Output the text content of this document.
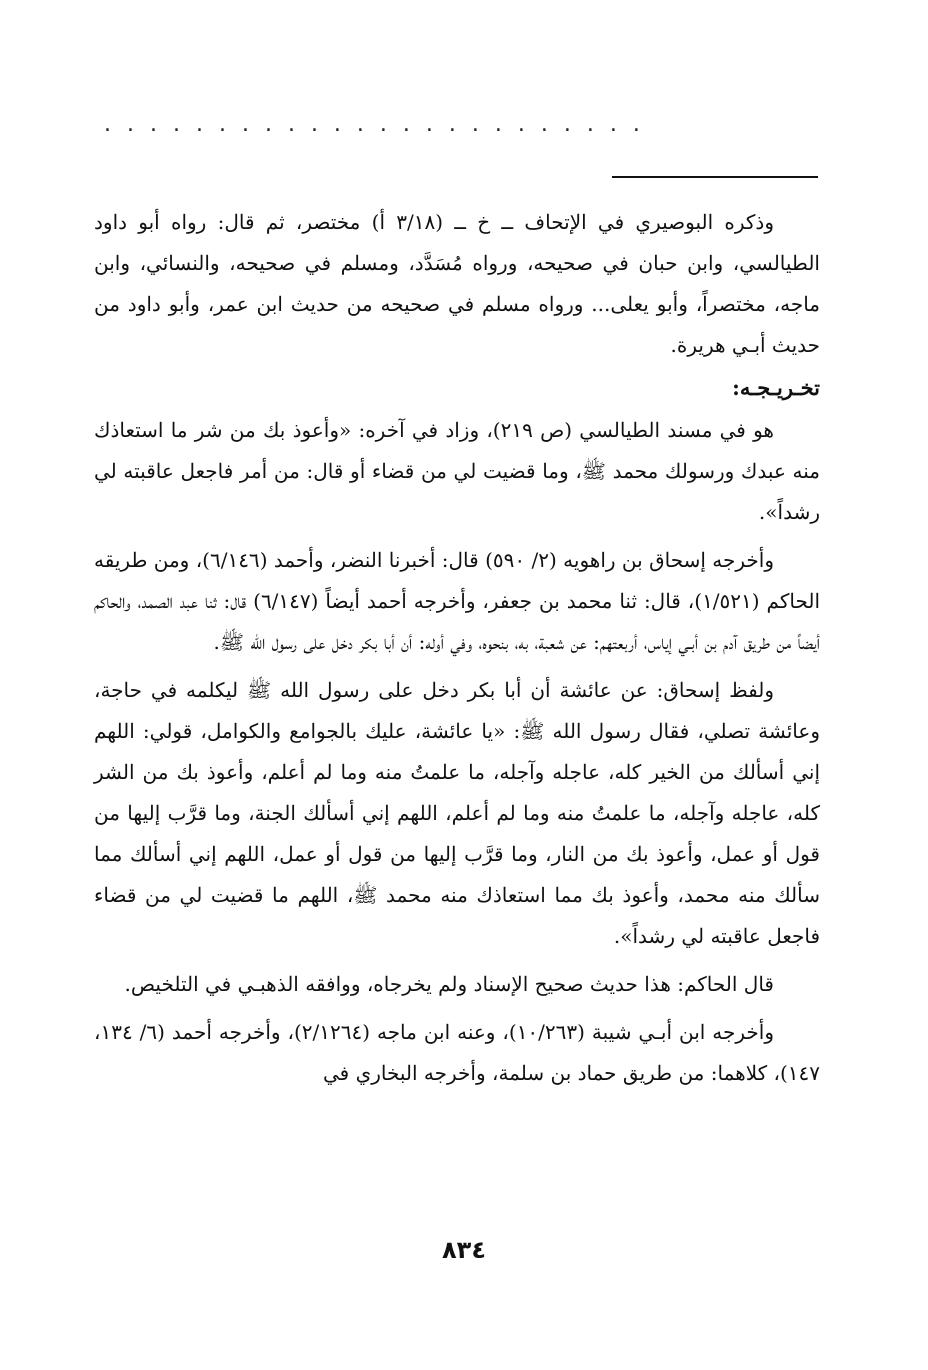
........................

وذكره البوصيري في الإتحاف ــ خ ــ (٣/١٨ أ) مختصر، ثم قال: رواه أبو داود الطيالسي، وابن حبان في صحيحه، ورواه مُسَدَّد، ومسلم في صحيحه، والنسائي، وابن ماجه، مختصراً، وأبو يعلى... ورواه مسلم في صحيحه من حديث ابن عمر، وأبو داود من حديث أبـي هريرة.

تخـريـجـه:

هو في مسند الطيالسي (ص ٢١٩)، وزاد في آخره: «وأعوذ بك من شر ما استعاذك منه عبدك ورسولك محمد ﷺ، وما قضيت لي من قضاء أو قال: من أمر فاجعل عاقبته لي رشداً».

وأخرجه إسحاق بن راهويه (٢/ ٥٩٠) قال: أخبرنا النضر، وأحمد (٦/١٤٦)، ومن طريقه الحاكم (١/٥٢١)، قال: ثنا محمد بن جعفر، وأخرجه أحمد أيضاً (٦/١٤٧) قال: ثنا عبد الصمد، والحاكم أيضاً من طريق آدم بن أبـي إياس، أربعتهم: عن شعبة، به، بنحوه، وفي أوله: أن أبا بكر دخل على رسول الله ﷺ.

ولفظ إسحاق: عن عائشة أن أبا بكر دخل على رسول الله ﷺ ليكلمه في حاجة، وعائشة تصلي، فقال رسول الله ﷺ: «يا عائشة، عليك بالجوامع والكوامل، قولي: اللهم إني أسألك من الخير كله، عاجله وآجله، ما علمتُ منه وما لم أعلم، وأعوذ بك من الشر كله، عاجله وآجله، ما علمتُ منه وما لم أعلم، اللهم إني أسألك الجنة، وما قرَّب إليها من قول أو عمل، وأعوذ بك من النار، وما قرَّب إليها من قول أو عمل، اللهم إني أسألك مما سألك منه محمد، وأعوذ بك مما استعاذك منه محمد ﷺ، اللهم ما قضيت لي من قضاء فاجعل عاقبته لي رشداً».

قال الحاكم: هذا حديث صحيح الإسناد ولم يخرجاه، ووافقه الذهبـي في التلخيص.

وأخرجه ابن أبـي شيبة (١٠/٢٦٣)، وعنه ابن ماجه (٢/١٢٦٤)، وأخرجه أحمد (٦/ ١٣٤، ١٤٧)، كلاهما: من طريق حماد بن سلمة، وأخرجه البخاري في

٨٣٤
